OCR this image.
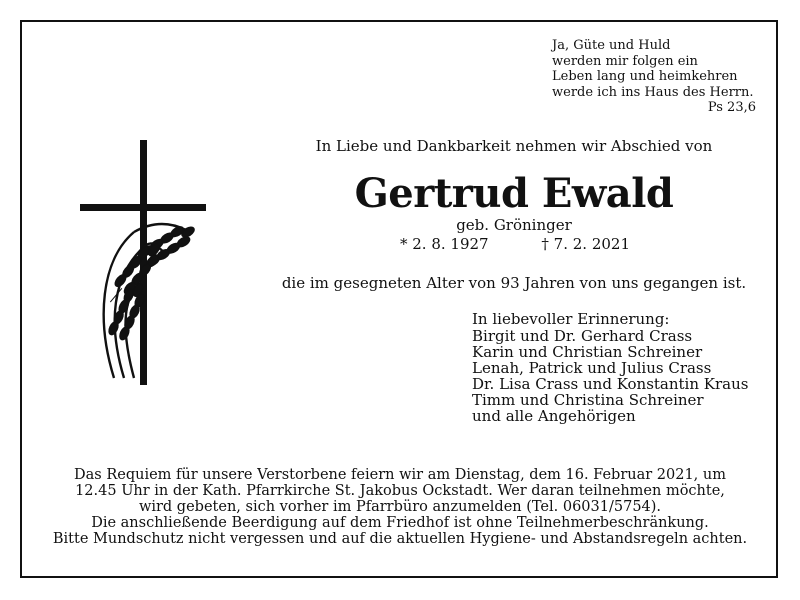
Ja, Güte und Huld
werden mir folgen ein
Leben lang und heimkehren
werde ich ins Haus des Herrn.
Ps 23,6
In Liebe und Dankbarkeit nehmen wir Abschied von
Gertrud Ewald
geb. Gröninger
* 2. 8. 1927	† 7. 2. 2021
die im gesegneten Alter von 93 Jahren von uns gegangen ist.
In liebevoller Erinnerung:
Birgit und Dr. Gerhard Crass
Karin und Christian Schreiner
Lenah, Patrick und Julius Crass
Dr. Lisa Crass und Konstantin Kraus
Timm und Christina Schreiner
und alle Angehörigen
Das Requiem für unsere Verstorbene feiern wir am Dienstag, dem 16. Februar 2021, um
12.45 Uhr in der Kath. Pfarrkirche St. Jakobus Ockstadt. Wer daran teilnehmen möchte,
wird gebeten, sich vorher im Pfarrbüro anzumelden (Tel. 06031/5754).
Die anschließende Beerdigung auf dem Friedhof ist ohne Teilnehmerbeschränkung.
Bitte Mundschutz nicht vergessen und auf die aktuellen Hygiene- und Abstandsregeln achten.
